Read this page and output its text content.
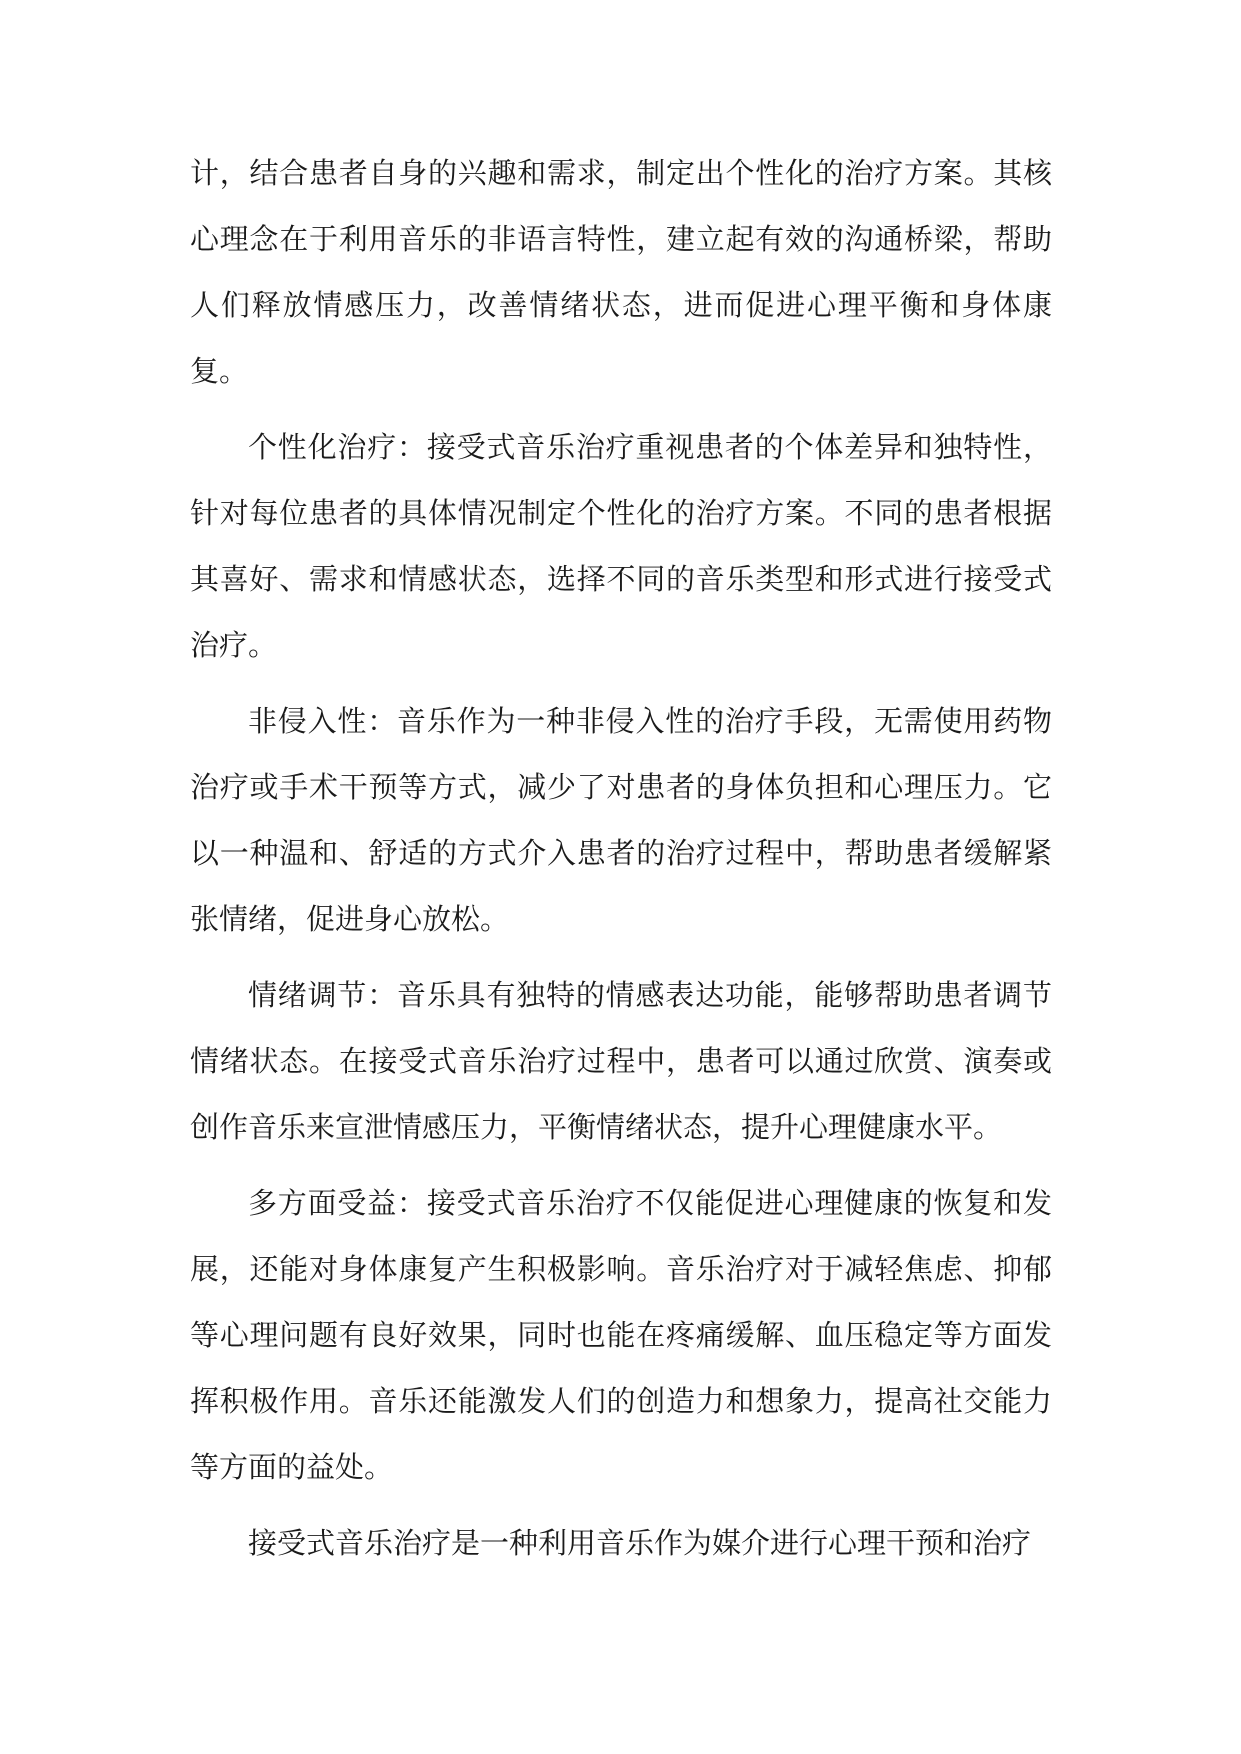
计，结合患者自身的兴趣和需求，制定出个性化的治疗方案。其核心理念在于利用音乐的非语言特性，建立起有效的沟通桥梁，帮助人们释放情感压力，改善情绪状态，进而促进心理平衡和身体康复。

个性化治疗：接受式音乐治疗重视患者的个体差异和独特性，针对每位患者的具体情况制定个性化的治疗方案。不同的患者根据其喜好、需求和情感状态，选择不同的音乐类型和形式进行接受式治疗。

非侵入性：音乐作为一种非侵入性的治疗手段，无需使用药物治疗或手术干预等方式，减少了对患者的身体负担和心理压力。它以一种温和、舒适的方式介入患者的治疗过程中，帮助患者缓解紧张情绪，促进身心放松。

情绪调节：音乐具有独特的情感表达功能，能够帮助患者调节情绪状态。在接受式音乐治疗过程中，患者可以通过欣赏、演奏或创作音乐来宣泄情感压力，平衡情绪状态，提升心理健康水平。

多方面受益：接受式音乐治疗不仅能促进心理健康的恢复和发展，还能对身体康复产生积极影响。音乐治疗对于减轻焦虑、抑郁等心理问题有良好效果，同时也能在疼痛缓解、血压稳定等方面发挥积极作用。音乐还能激发人们的创造力和想象力，提高社交能力等方面的益处。

接受式音乐治疗是一种利用音乐作为媒介进行心理干预和治疗
